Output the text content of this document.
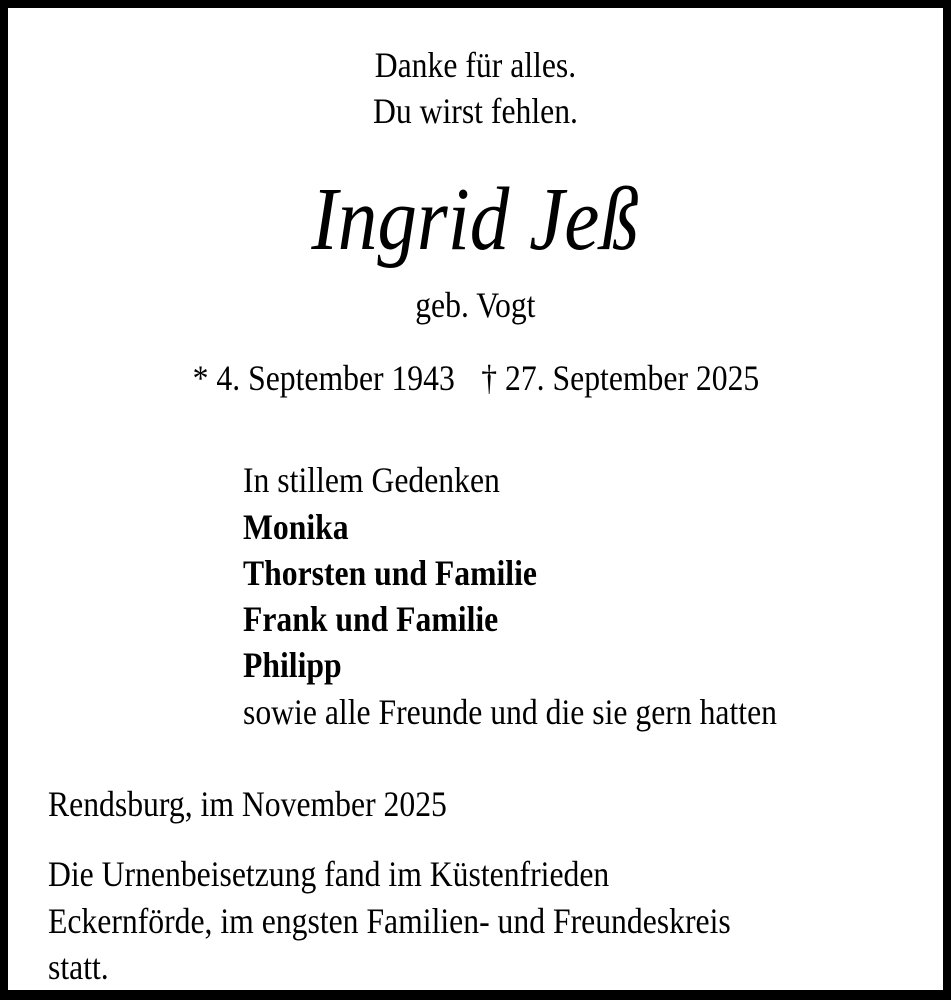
Danke für alles.
Du wirst fehlen.
Ingrid Jeß
geb. Vogt
* 4. September 1943 † 27. September 2025
In stillem Gedenken
Monika
Thorsten und Familie
Frank und Familie
Philipp
sowie alle Freunde und die sie gern hatten
Rendsburg, im November 2025
Die Urnenbeisetzung fand im Küstenfrieden
Eckernförde, im engsten Familien- und Freundeskreis
statt.
